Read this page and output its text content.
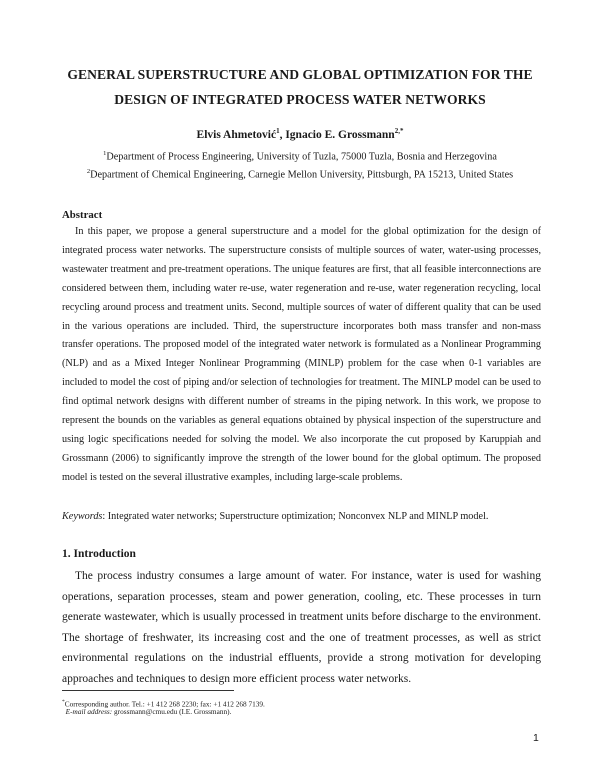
GENERAL SUPERSTRUCTURE AND GLOBAL OPTIMIZATION FOR THE
DESIGN OF INTEGRATED PROCESS WATER NETWORKS
Elvis Ahmetović$^1$, Ignacio E. Grossmann$^{2,*}$
$^1$Department of Process Engineering, University of Tuzla, 75000 Tuzla, Bosnia and Herzegovina
$^2$Department of Chemical Engineering, Carnegie Mellon University, Pittsburgh, PA 15213, United States
Abstract

In this paper, we propose a general superstructure and a model for the global optimization for the design of integrated process water networks. The superstructure consists of multiple sources of water, water-using processes, wastewater treatment and pre-treatment operations. The unique features are first, that all feasible interconnections are considered between them, including water re-use, water regeneration and re-use, water regeneration recycling, local recycling around process and treatment units. Second, multiple sources of water of different quality that can be used in the various operations are included. Third, the superstructure incorporates both mass transfer and non-mass transfer operations. The proposed model of the integrated water network is formulated as a Nonlinear Programming (NLP) and as a Mixed Integer Nonlinear Programming (MINLP) problem for the case when 0-1 variables are included to model the cost of piping and/or selection of technologies for treatment. The MINLP model can be used to find optimal network designs with different number of streams in the piping network. In this work, we propose to represent the bounds on the variables as general equations obtained by physical inspection of the superstructure and using logic specifications needed for solving the model. We also incorporate the cut proposed by Karuppiah and Grossmann (2006) to significantly improve the strength of the lower bound for the global optimum. The proposed model is tested on the several illustrative examples, including large-scale problems.

Keywords: Integrated water networks; Superstructure optimization; Nonconvex NLP and MINLP model.
1. Introduction

The process industry consumes a large amount of water. For instance, water is used for washing operations, separation processes, steam and power generation, cooling, etc. These processes in turn generate wastewater, which is usually processed in treatment units before discharge to the environment. The shortage of freshwater, its increasing cost and the one of treatment processes, as well as strict environmental regulations on the industrial effluents, provide a strong motivation for developing approaches and techniques to design more efficient process water networks.

*Corresponding author. Tel.: +1 412 268 2230; fax: +1 412 268 7139.
E-mail address: grossmann@cmu.edu (I.E. Grossmann).
1
